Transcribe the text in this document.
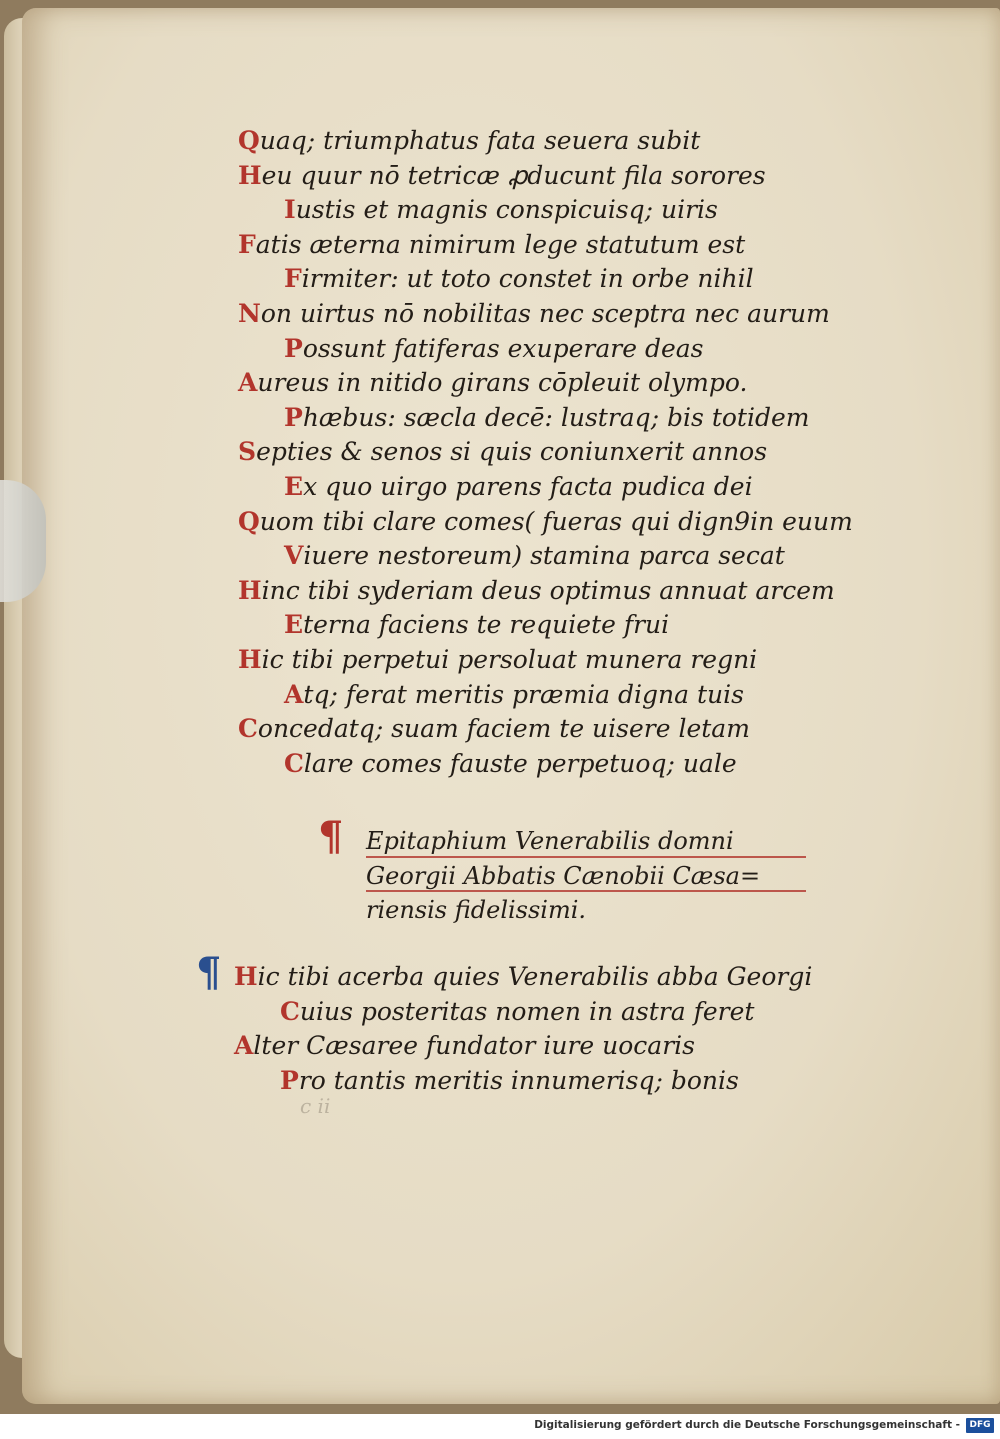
Quaq; triumphatus fata seuera subit
Heu quur nō tetricæ ꝓducunt fila sorores
Iustis et magnis conspicuisq; uiris
Fatis æterna nimirum lege statutum est
Firmiter: ut toto constet in orbe nihil
Non uirtus nō nobilitas nec sceptra nec aurum
Possunt fatiferas exuperare deas
Aureus in nitido girans cōpleuit olympo.
Phæbus: sæcla decē: lustraq; bis totidem
Septies & senos si quis coniunxerit annos
Ex quo uirgo parens facta pudica dei
Quom tibi clare comes( fueras qui dign9in euum
Viuere nestoreum) stamina parca secat
Hinc tibi syderiam deus optimus annuat arcem
Eterna faciens te requiete frui
Hic tibi perpetui persoluat munera regni
Atq; ferat meritis præmia digna tuis
Concedatq; suam faciem te uisere letam
Clare comes fauste perpetuoq; uale
¶ Epitaphium Venerabilis domni
Georgii Abbatis Cænobii Cæsa=
riensis fidelissimi.
¶ Hic tibi acerba quies Venerabilis abba Georgi
Cuius posteritas nomen in astra feret
Alter Cæsaree fundator iure uocaris
Pro tantis meritis innumerisq; bonis
c ii
Digitalisierung gefördert durch die Deutsche Forschungsgemeinschaft -	DFG
